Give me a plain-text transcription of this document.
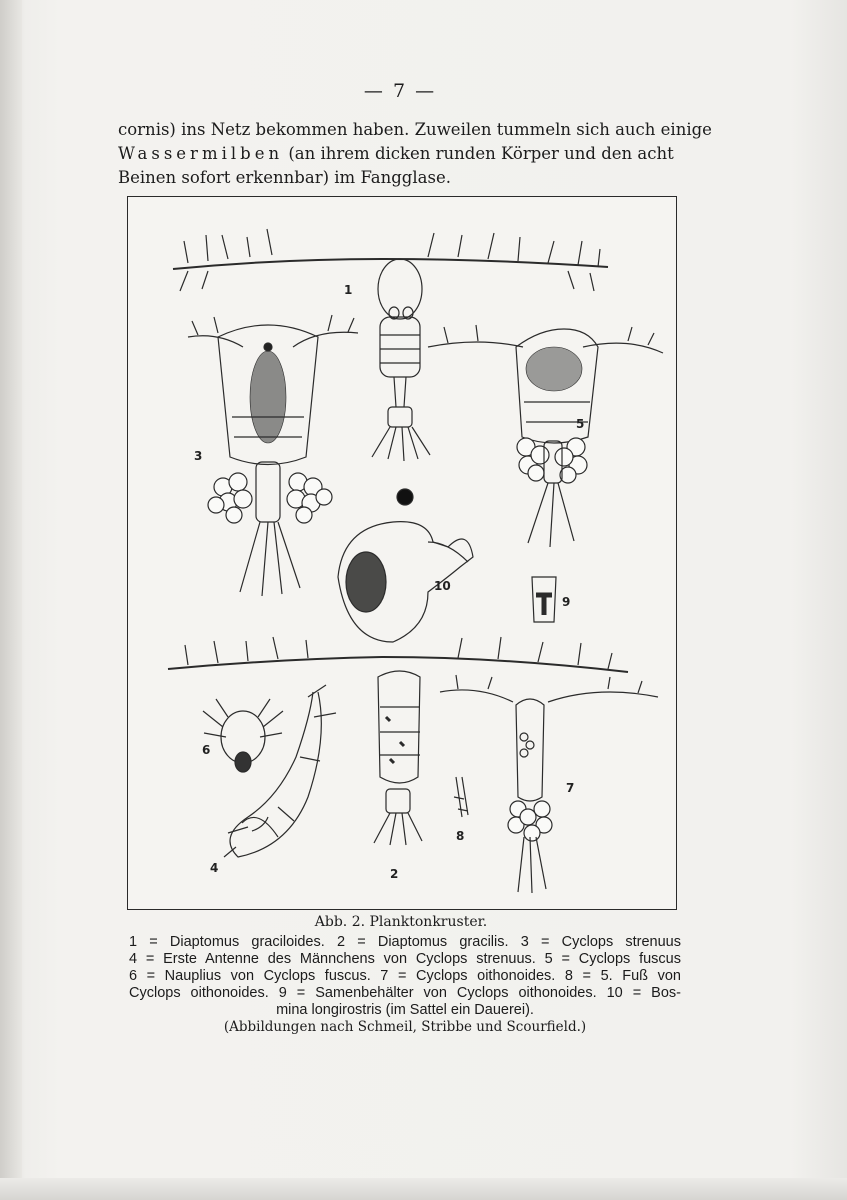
— 7 —
cornis) ins Netz bekommen haben. Zuweilen tummeln sich auch einige
Wassermilben (an ihrem dicken runden Körper und den acht
Beinen sofort erkennbar) im Fangglase.
1
2
3
4
5
6
7
8
9
10
Abb. 2. Planktonkruster.
1 = Diaptomus graciloides. 2 = Diaptomus gracilis. 3 = Cyclops strenuus
4 = Erste Antenne des Männchens von Cyclops strenuus. 5 = Cyclops fuscus
6 = Nauplius von Cyclops fuscus. 7 = Cyclops oithonoides. 8 = 5. Fuß von
Cyclops oithonoides. 9 = Samenbehälter von Cyclops oithonoides. 10 = Bos-
mina longirostris (im Sattel ein Dauerei).
(Abbildungen nach Schmeil, Stribbe und Scourfield.)
